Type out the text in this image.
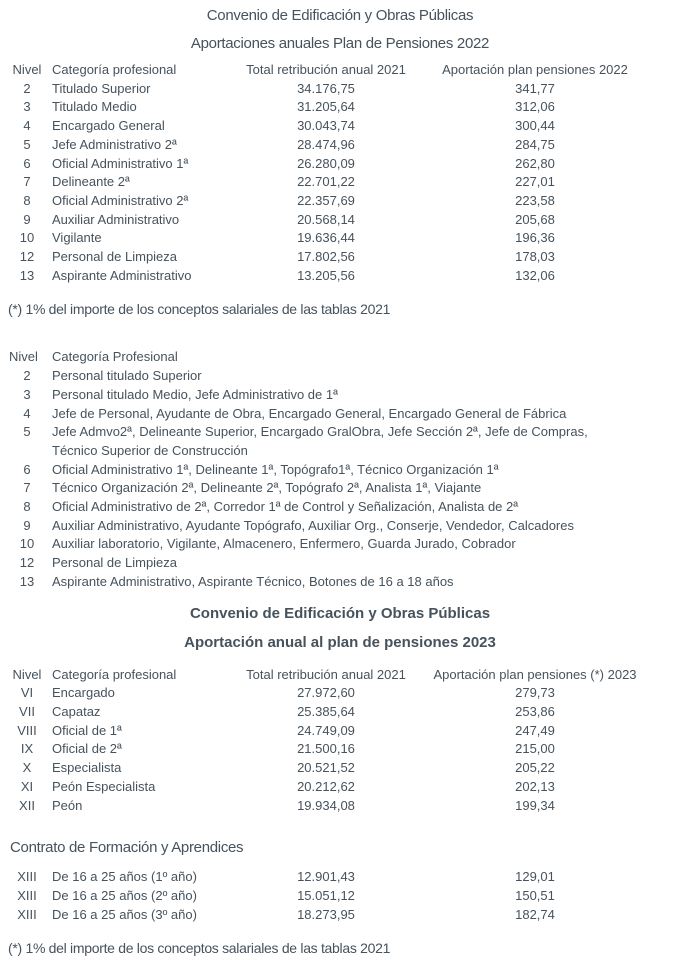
Convenio de Edificación y Obras Públicas
Aportaciones anuales Plan de Pensiones 2022
Nivel Categoría profesional	Total retribución anual 2021	Aportación plan pensiones 2022
2	Titulado Superior	34.176,75	341,77
3	Titulado Medio	31.205,64	312,06
4	Encargado General	30.043,74	300,44
5	Jefe Administrativo 2ª	28.474,96	284,75
6	Oficial Administrativo 1ª	26.280,09	262,80
7	Delineante 2ª	22.701,22	227,01
8	Oficial Administrativo 2ª	22.357,69	223,58
9	Auxiliar Administrativo	20.568,14	205,68
10	Vigilante	19.636,44	196,36
12	Personal de Limpieza	17.802,56	178,03
13	Aspirante Administrativo	13.205,56	132,06
(*) 1% del importe de los conceptos salariales de las tablas 2021
Nivel	Categoría Profesional
2	Personal titulado Superior
3	Personal titulado Medio, Jefe Administrativo de 1ª
4	Jefe de Personal, Ayudante de Obra, Encargado General, Encargado General de Fábrica
5	Jefe Admvo2ª, Delineante Superior, Encargado GralObra, Jefe Sección 2ª, Jefe de Compras, Técnico Superior de Construcción
6	Oficial Administrativo 1ª, Delineante 1ª, Topógrafo1ª, Técnico Organización 1ª
7	Técnico Organización 2ª, Delineante 2ª, Topógrafo 2ª, Analista 1ª, Viajante
8	Oficial Administrativo de 2ª, Corredor 1ª de Control y Señalización, Analista de 2ª
9	Auxiliar Administrativo, Ayudante Topógrafo, Auxiliar Org., Conserje, Vendedor, Calcadores
10	Auxiliar laboratorio, Vigilante, Almacenero, Enfermero, Guarda Jurado, Cobrador
12	Personal de Limpieza
13	Aspirante Administrativo, Aspirante Técnico, Botones de 16 a 18 años
Convenio de Edificación y Obras Públicas
Aportación anual al plan de pensiones 2023
Nivel Categoría profesional	Total retribución anual 2021	Aportación plan pensiones (*) 2023
VI	Encargado	27.972,60	279,73
VII	Capataz	25.385,64	253,86
VIII	Oficial de 1ª	24.749,09	247,49
IX	Oficial de 2ª	21.500,16	215,00
X	Especialista	20.521,52	205,22
XI	Peón Especialista	20.212,62	202,13
XII	Peón	19.934,08	199,34
Contrato de Formación y Aprendices
XIII	De 16 a 25 años (1º año)	12.901,43	129,01
XIII	De 16 a 25 años (2º año)	15.051,12	150,51
XIII	De 16 a 25 años (3º año)	18.273,95	182,74
(*) 1% del importe de los conceptos salariales de las tablas 2021
